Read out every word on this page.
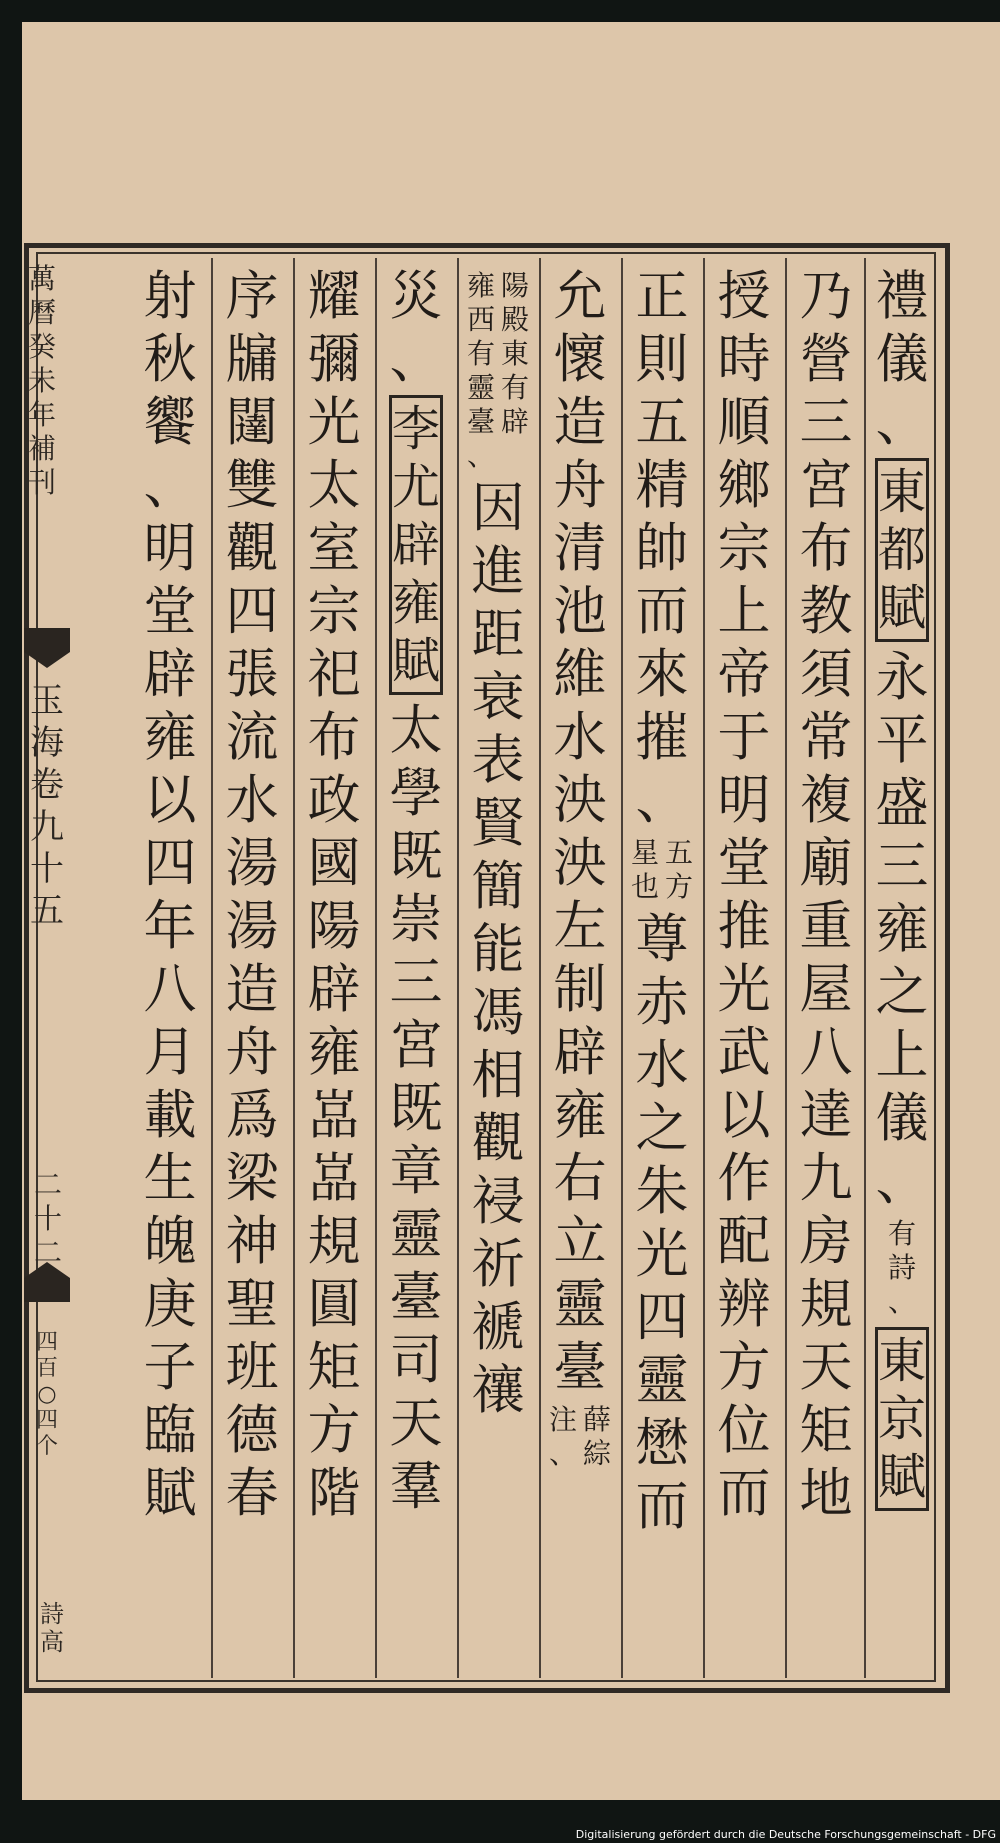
禮
儀
、
東
都
賦
永
平
盛
三
雍
之
上
儀
、
有
詩
、
東
京
賦
乃
營
三
宮
布
教
須
常
複
廟
重
屋
八
達
九
房
規
天
矩
地
授
時
順
鄉
宗
上
帝
于
明
堂
推
光
武
以
作
配
辨
方
位
而
正
則
五
精
帥
而
來
摧
、
五
方
星
也
尊
赤
水
之
朱
光
四
靈
懋
而
允
懷
造
舟
清
池
維
水
泱
泱
左
制
辟
雍
右
立
靈
臺
薛
綜
注
、
陽
殿
東
有
辟
雍
西
有
靈
臺
、
因
進
距
衰
表
賢
簡
能
馮
相
觀
祲
祈
褫
禳
災
、
李
尤
辟
雍
賦
太
學
既
崇
三
宮
既
章
靈
臺
司
天
羣
耀
彌
光
太
室
宗
祀
布
政
國
陽
辟
雍
嵓
嵓
規
圓
矩
方
階
序
牖
闥
雙
觀
四
張
流
水
湯
湯
造
舟
爲
梁
神
聖
班
德
春
射
秋
饗
、
明
堂
辟
雍
以
四
年
八
月
載
生
魄
庚
子
臨
賦
萬
曆
癸
未
年
補
刊
玉
海
卷
九
十
五
二
十
二
四
百
○
四
个
詩
高
Digitalisierung gefördert durch die Deutsche Forschungsgemeinschaft - DFG
